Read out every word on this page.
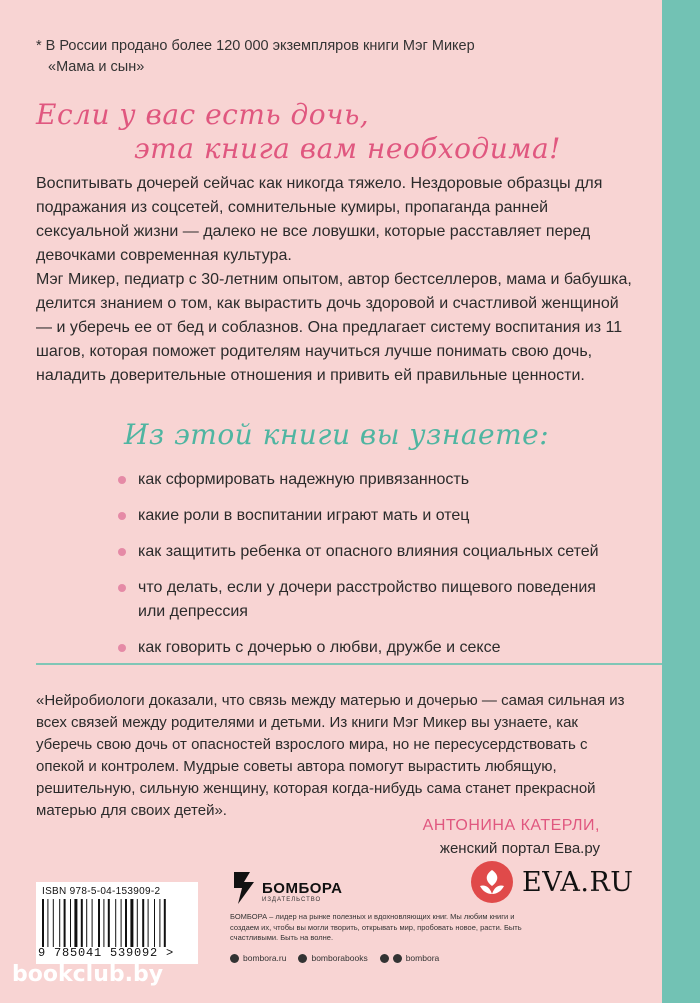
* В России продано более 120 000 экземпляров книги Мэг Микер
«Мама и сын»
Если у вас есть дочь,
эта книга вам необходима!

Воспитывать дочерей сейчас как никогда тяжело. Нездоровые образцы для подражания из соцсетей, сомнительные кумиры, пропаганда ранней сексуальной жизни — далеко не все ловушки, которые расставляет перед девочками современная культура.

Мэг Микер, педиатр с 30-летним опытом, автор бестселлеров, мама и бабушка, делится знанием о том, как вырастить дочь здоровой и счастливой женщиной — и уберечь ее от бед и соблазнов. Она предлагает систему воспитания из 11 шагов, которая поможет родителям научиться лучше понимать свою дочь, наладить доверительные отношения и привить ей правильные ценности.

Из этой книги вы узнаете:
как сформировать надежную привязанность
какие роли в воспитании играют мать и отец
как защитить ребенка от опасного влияния социальных сетей
что делать, если у дочери расстройство пищевого поведения или депрессия
как говорить с дочерью о любви, дружбе и сексе

«Нейробиологи доказали, что связь между матерью и дочерью — самая сильная из всех связей между родителями и детьми. Из книги Мэг Микер вы узнаете, как уберечь свою дочь от опасностей взрослого мира, но не пересусердствовать с опекой и контролем. Мудрые советы автора помогут вырастить любящую, решительную, сильную женщину, которая когда-нибудь сама станет прекрасной матерью для своих детей».

АНТОНИНА КАТЕРЛИ,
женский портал Ева.ру
ISBN 978-5-04-153909-2
9 785041 539092 >
БОМБОРА
ИЗДАТЕЛЬСТВО
БОМБОРА – лидер на рынке полезных и вдохновляющих книг. Мы любим книги и создаем их, чтобы вы могли творить, открывать мир, пробовать новое, расти. Быть счастливыми. Быть на волне.
bombora.ru	bomborabooks	bombora
EVA.RU
bookclub.by
